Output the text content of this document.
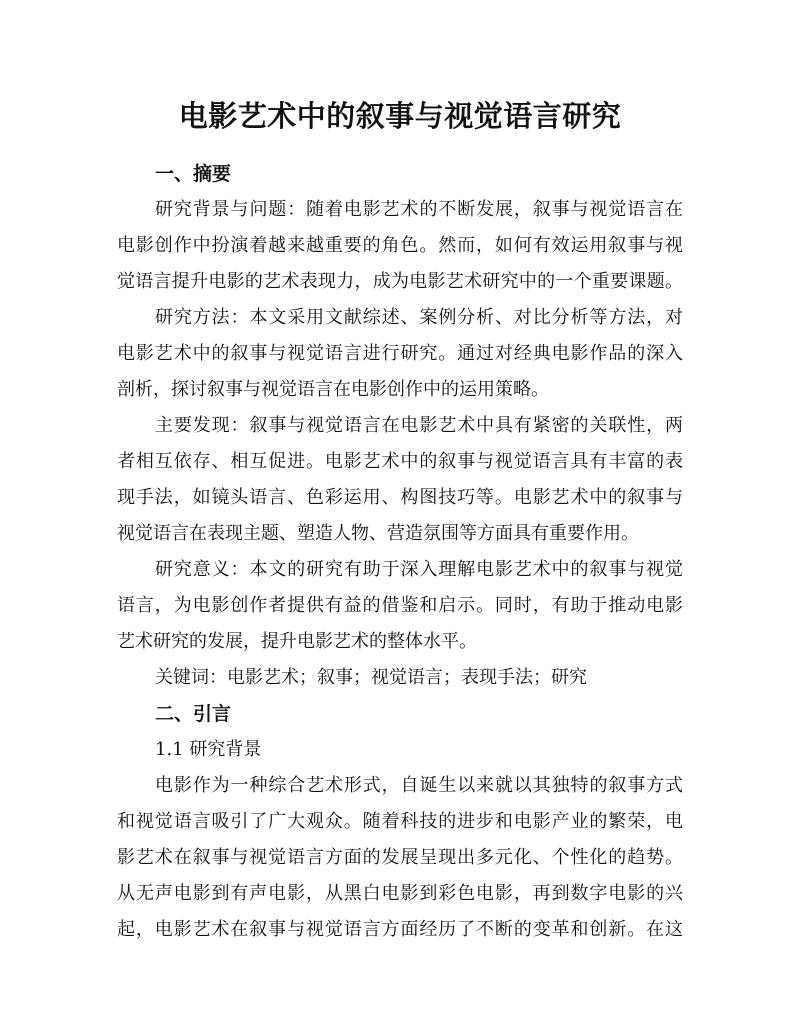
电影艺术中的叙事与视觉语言研究
一、摘要

研究背景与问题：随着电影艺术的不断发展，叙事与视觉语言在
电影创作中扮演着越来越重要的角色。然而，如何有效运用叙事与视
觉语言提升电影的艺术表现力，成为电影艺术研究中的一个重要课题。

研究方法：本文采用文献综述、案例分析、对比分析等方法，对
电影艺术中的叙事与视觉语言进行研究。通过对经典电影作品的深入
剖析，探讨叙事与视觉语言在电影创作中的运用策略。

主要发现：叙事与视觉语言在电影艺术中具有紧密的关联性，两
者相互依存、相互促进。电影艺术中的叙事与视觉语言具有丰富的表
现手法，如镜头语言、色彩运用、构图技巧等。电影艺术中的叙事与
视觉语言在表现主题、塑造人物、营造氛围等方面具有重要作用。

研究意义：本文的研究有助于深入理解电影艺术中的叙事与视觉
语言，为电影创作者提供有益的借鉴和启示。同时，有助于推动电影
艺术研究的发展，提升电影艺术的整体水平。

关键词：电影艺术；叙事；视觉语言；表现手法；研究

二、引言

1.1 研究背景

电影作为一种综合艺术形式，自诞生以来就以其独特的叙事方式
和视觉语言吸引了广大观众。随着科技的进步和电影产业的繁荣，电
影艺术在叙事与视觉语言方面的发展呈现出多元化、个性化的趋势。
从无声电影到有声电影，从黑白电影到彩色电影，再到数字电影的兴
起，电影艺术在叙事与视觉语言方面经历了不断的变革和创新。在这
